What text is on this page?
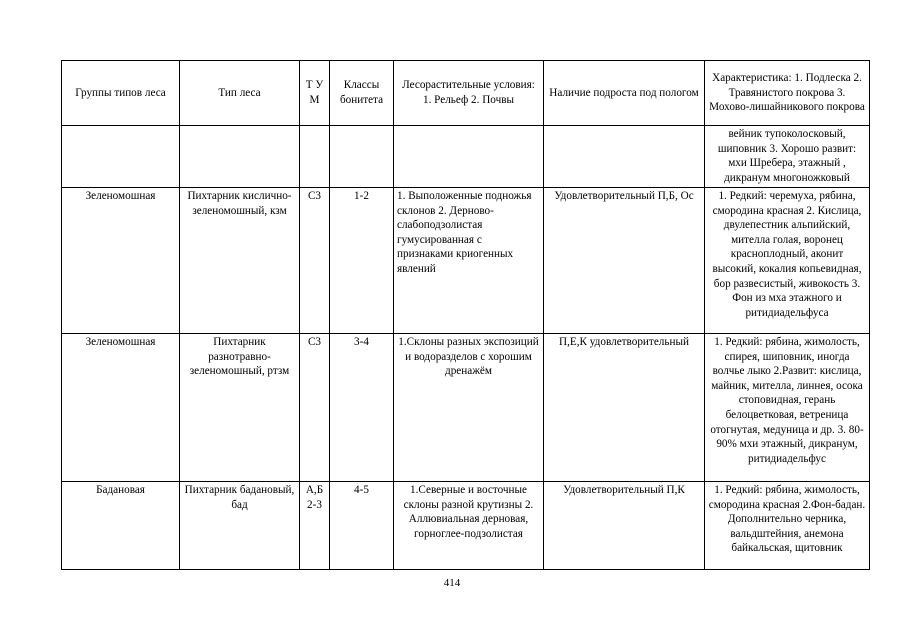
Группы типов леса	Тип леса	Т У М	Классы бонитета	Лесорастительные условия: 1. Рельеф 2. Почвы	Наличие подроста под пологом	Характеристика: 1. Подлеска 2. Травянистого покрова 3. Мохово-лишайникового покрова
						вейник тупоколосковый, шиповник 3. Хорошо развит: мхи Шребера, этажный , дикранум многоножковый
Зеленомошная	Пихтарник кислично-зеленомошный, кзм	С3	1-2	1. Выположенные подножья склонов 2. Дерново-слабоподзолистая гумусированная с признаками криогенных явлений	Удовлетворительный П,Б, Ос	1. Редкий: черемуха, рябина, смородина красная 2. Кислица, двулепестник альпийский, мителла голая, воронец красноплодный, аконит высокий, кокалия копьевидная, бор развесистый, живокость 3. Фон из мха этажного и ритидиадельфуса
Зеленомошная	Пихтарник разнотравно-зеленомошный, ртзм	С3	3-4	1.Склоны разных экспозиций и водоразделов с хорошим дренажём	П,Е,К удовлетворительный	1. Редкий: рябина, жимолость, спирея, шиповник, иногда волчье лыко 2.Развит: кислица, майник, мителла, линнея, осока стоповидная, герань белоцветковая, ветреница отогнутая, медуница и др. 3. 80-90% мхи этажный, дикранум, ритидиадельфус
Бадановая	Пихтарник бадановый, бад	А,Б 2-3	4-5	1.Северные и восточные склоны разной крутизны 2. Аллювиальная дерновая, горноглее-подзолистая	Удовлетворительный П,К	1. Редкий: рябина, жимолость, смородина красная 2.Фон-бадан. Дополнительно черника, вальдштейния, анемона байкальская, щитовник
414
